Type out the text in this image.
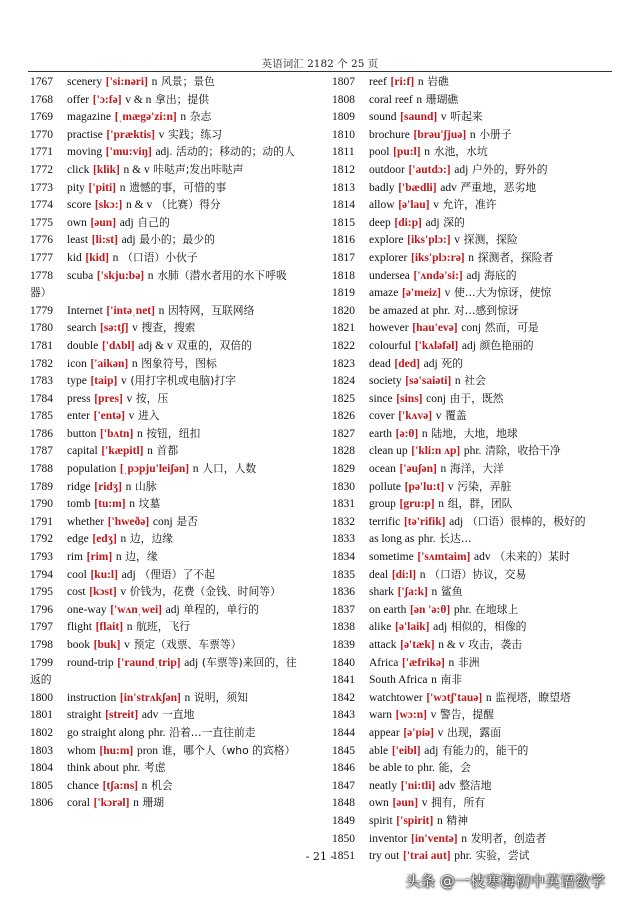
英语词汇 2182 个 25 页
1767 scenery ['si:nəri] n 风景；景色
1768 offer ['ɔ:fə] v & n 拿出；提供
1769 magazine [ˌmægə'zi:n] n 杂志
1770 practise ['præktis] v 实践；练习
1771 moving ['mu:viŋ] adj. 活动的；移动的；动的人
1772 click [klik] n & v 咔哒声;发出咔哒声
1773 pity ['piti] n 遗憾的事，可惜的事
1774 score [skɔ:] n & v （比赛）得分
1775 own [əun] adj 自己的
1776 least [li:st] adj 最小的；最少的
1777 kid [kid] n （口语）小伙子
1778 scuba ['skju:bə] n 水肺（潜水者用的水下呼吸器）
1779 Internet ['intəˌnet] n 因特网，互联网络
1780 search [sə:tʃ] v 搜查，搜索
1781 double ['dʌbl] adj & v 双重的，双倍的
1782 icon ['aikən] n 图象符号，图标
1783 type [taip] v (用打字机或电脑)打字
1784 press [pres] v 按，压
1785 enter ['entə] v 进入
1786 button ['bʌtn] n 按钮，纽扣
1787 capital ['kæpitl] n 首都
1788 population [ˌpɔpju'leiʃən] n 人口，人数
1789 ridge [ridʒ] n 山脉
1790 tomb [tu:m] n 坟墓
1791 whether ['hweðə] conj 是否
1792 edge [edʒ] n 边，边缘
1793 rim [rim] n 边，缘
1794 cool [ku:l] adj （俚语）了不起
1795 cost [kɔst] v 价钱为，花费（金钱、时间等）
1796 one-way ['wʌnˌwei] adj 单程的，单行的
1797 flight [flait] n 航班，飞行
1798 book [buk] v 预定（戏票、车票等）
1799 round-trip ['raundˌtrip] adj (车票等)来回的，往返的
1800 instruction [in'strʌkʃən] n 说明，须知
1801 straight [streit] adv 一直地
1802 go straight along phr. 沿着…一直往前走
1803 whom [hu:m] pron 谁，哪个人（who 的宾格）
1804 think about phr. 考虑
1805 chance [tʃa:ns] n 机会
1806 coral ['kɔrəl] n 珊瑚
1807 reef [ri:f] n 岩礁
1808 coral reef n 珊瑚礁
1809 sound [saund] v 听起来
1810 brochure [brəu'ʃjuə] n 小册子
1811 pool [pu:l] n 水池，水坑
1812 outdoor ['autdɔ:] adj 户外的，野外的
1813 badly ['bædli] adv 严重地，恶劣地
1814 allow [ə'lau] v 允许，准许
1815 deep [di:p] adj 深的
1816 explore [iks'plɔ:] v 探测，探险
1817 explorer [iks'plɔ:rə] n 探测者，探险者
1818 undersea ['ʌndə'si:] adj 海底的
1819 amaze [ə'meiz] v 使…大为惊讶，使惊
1820 be amazed at phr. 对…感到惊讶
1821 however [hau'evə] conj 然而，可是
1822 colourful ['kʌləfəl] adj 颜色艳丽的
1823 dead [ded] adj 死的
1824 society [sə'saiəti] n 社会
1825 since [sins] conj 由于，既然
1826 cover ['kʌvə] v 覆盖
1827 earth [ə:θ] n 陆地，大地，地球
1828 clean up ['kli:n ʌp] phr. 清除，收拾干净
1829 ocean ['əuʃən] n 海洋，大洋
1830 pollute [pə'lu:t] v 污染，弄脏
1831 group [gru:p] n 组，群，团队
1832 terrific [tə'rifik] adj （口语）很棒的，极好的
1833 as long as phr. 长达…
1834 sometime ['sʌmtaim] adv （未来的）某时
1835 deal [di:l] n （口语）协议，交易
1836 shark ['ʃa:k] n 鲨鱼
1837 on earth [ən 'ə:θ] phr. 在地球上
1838 alike [ə'laik] adj 相似的，相像的
1839 attack [ə'tæk] n & v 攻击，袭击
1840 Africa ['æfrikə] n 非洲
1841 South Africa n 南非
1842 watchtower ['wɔtʃ'tauə] n 监视塔，瞭望塔
1843 warn [wɔ:n] v 警告，提醒
1844 appear [ə'piə] v 出现，露面
1845 able ['eibl] adj 有能力的，能干的
1846 be able to phr. 能，会
1847 neatly ['ni:tli] adv 整洁地
1848 own [əun] v 拥有，所有
1849 spirit ['spirit] n 精神
1850 inventor [in'ventə] n 发明者，创造者
1851 try out ['trai aut] phr. 实验，尝试
- 21 -
头条 @一枝寒梅初中英语数学
